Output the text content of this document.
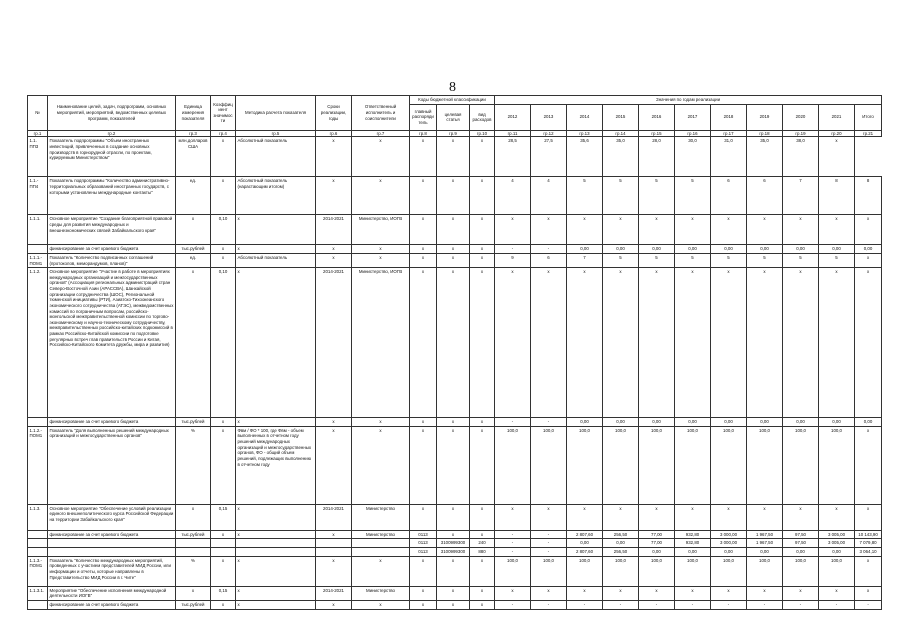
8
№	Наименование целей, задач, подпрограмм, основных мероприятий, мероприятий, ведомственных целевых программ, показателей	Единица измерения показателя	Коэффициент значимости	Методика расчета показателя	Сроки реализации, годы	Ответственный исполнитель и соисполнители	Коды бюджетной классификации			Значения по годам реализации										
							главный распорядитель	целевая статья	вид расходов	2012	2013	2014	2015	2016	2017	2018	2019	2020	2021	Итого

гр.1	гр.2	гр.3	гр.4	гр.5	гр.6	гр.7	гр.8	гр.9	гр.10	гр.11	гр.12	гр.13	гр.14	гр.15	гр.16	гр.17	гр.18	гр.19	гр.20	гр.21
1.1. ПП3	Показатель подпрограммы "Объем иностранных инвестиций, привлеченных в создание основных производств в горнорудной отрасли, по проектам, курируемым Министерством"	млн.долларов США	х	Абсолютный показатель	х	х	х	х	х	28,5	27,5	35,6	35,0	28,0	30,0	31,0	35,0	38,0	х	
1.1.-ПП4	Показатель подпрограммы "Количество административно-территориальных образований иностранных государств, с которыми установлены международные контакты"	ед.	х	Абсолютный показатель (нарастающим итогом)	х	х	х	х	х	4	4	5	5	5	5	6	6	7	8	8
1.1.1.	Основное мероприятие "Создание благоприятной правовой среды для развития международных и внешнеэкономических связей Забайкальского края"	х	0,10	х	2014-2021	Министерство, ИОГВ	х	х	х	х	х	х	х	х	х	х	х	х	х	х
	финансирование за счет краевого бюджета	тыс.рублей	х	х	х	х	х	х	х	-	-	0,00	0,00	0,00	0,00	0,00	0,00	0,00	0,00	0,00
1.1.1.-ПОМ1	Показатель "Количество подписанных соглашений (протоколов, меморандумов, планов)"	ед.	х	Абсолютный показатель	х	х	х	х	х	9	6	7	5	5	5	5	5	5	5	х
1.1.2.	Основное мероприятие "Участие в работе в мероприятиях международных организаций и межгосударственных органов" (Ассоциация региональных администраций стран Северо-Восточной Азии (АРАССВА), Шанхайской организации сотрудничества (ШОС), Региональной тюменской инициативы (РТИ), Азиатско-Тихоокеанского экономического сотрудничества (АТЭС), межведомственных комиссий по пограничным вопросам, российско-монгольской межправительственной комиссии по торгово-экономическому и научно-техническому сотрудничеству, межправительственных российско-китайских подкомиссий в рамках Российско-Китайской комиссии по подготовке регулярных встреч глав правительств России и Китая, Российско-Китайского Комитета дружбы, мира и развития)	х	0,10	х	2014-2021	Министерство, ИОГВ	х	х	х	х	х	х	х	х	х	х	х	х	х	х
	финансирование за счет краевого бюджета	тыс.рублей	х	х	х	х	х	х	х	-	-	0,00	0,00	0,00	0,00	0,00	0,00	0,00	0,00	0,00
1.1.2.-ПОМ1	Показатель "Доля выполненных решений международных организаций и межгосударственных органов"	%	х	Фвм / ФО * 100, где Фвм - объем выполненных в отчетном году решений международных организаций и межгосударственных органов, ФО - общий объем решений, подлежащих выполнению в отчетном году	х	х	х	х	х	100,0	100,0	100,0	100,0	100,0	100,0	100,0	100,0	100,0	100,0	х
1.1.3.	Основное мероприятие "Обеспечение условий реализации единого внешнеполитического курса Российской Федерации на территории Забайкальского края"	х	0,15	х	2014-2021	Министерство	х	х	х	х	х	х	х	х	х	х	х	х	х	х
	финансирование за счет краевого бюджета	тыс.рублей	х	х	х	Министерство	0113	х	х	-	-	2 807,60	256,50	77,00	932,80	3 000,00	1 967,50	97,50	3 005,00	10 143,90
							0113	3100999300	240	-	-	0,00	0,00	77,00	932,80	3 000,00	1 967,50	97,50	3 005,00	7 079,80
							0113	3100999300	880	-	-	2 807,60	256,50	0,00	0,00	0,00	0,00	0,00	0,00	3 064,10
1.1.3.-ПОМ1	Показатель "Количество международных мероприятий, проведенных с участием представителей МИД России, или информации и отчеты, которые направлены в Представительство МИД России в г. Чите"	%	х	х	х	х	х	х	х	100,0	100,0	100,0	100,0	100,0	100,0	100,0	100,0	100,0	100,0	х
1.1.3.1.	Мероприятие "Обеспечение исполнения международной деятельности ИОГВ"	х	0,15	х	2014-2021	Министерство	х	х	х	х	х	х	х	х	х	х	х	х	х	х
	финансирование за счет краевого бюджета	тыс.рублей	х	х	х	х	х	х	х	-	-	-	-	-	-	-	-	-	-	-
